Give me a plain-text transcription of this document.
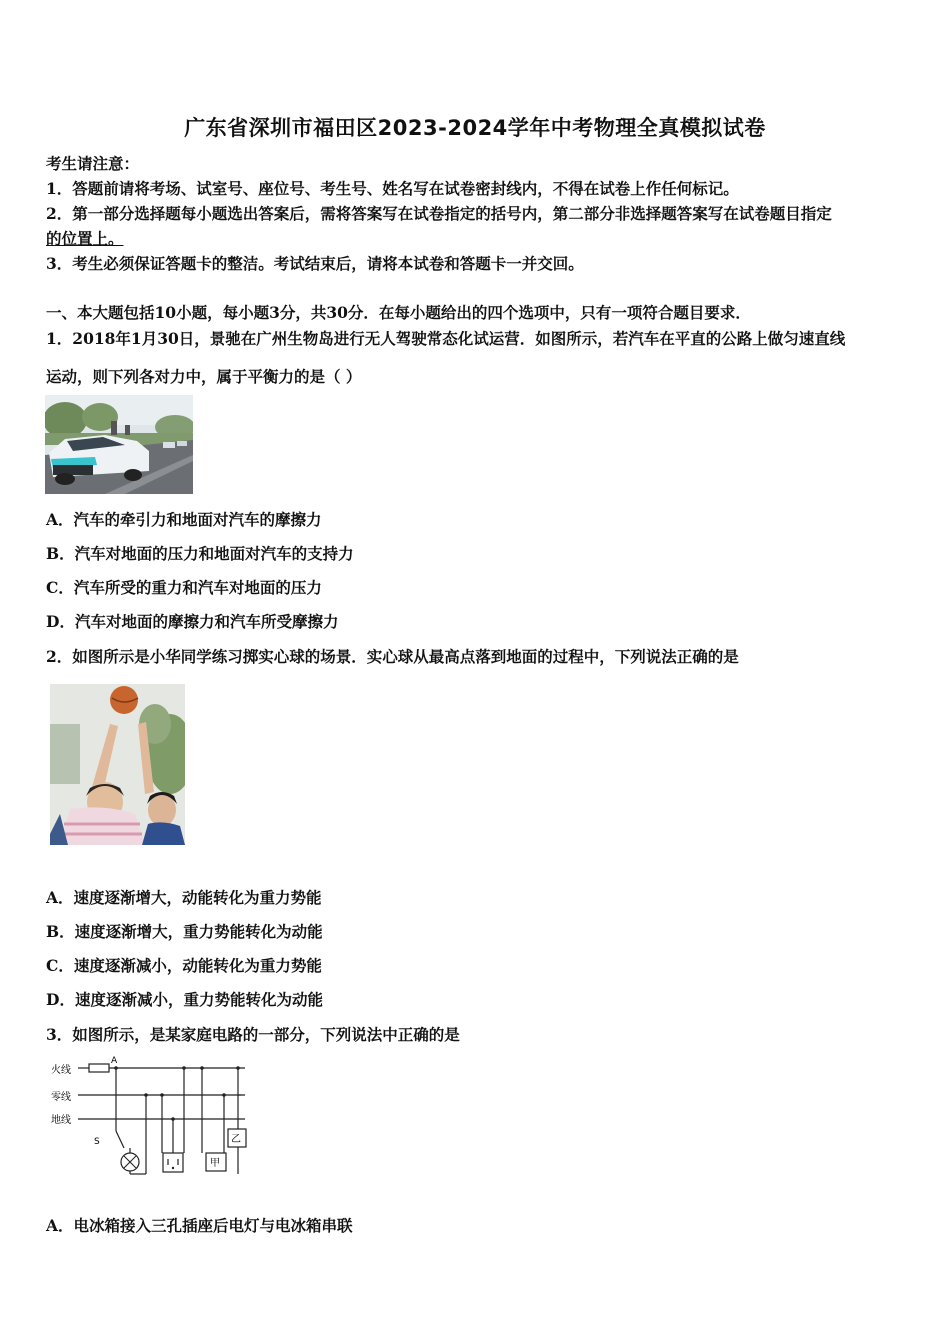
广东省深圳市福田区2023-2024学年中考物理全真模拟试卷
考生请注意：
1．答题前请将考场、试室号、座位号、考生号、姓名写在试卷密封线内，不得在试卷上作任何标记。
2．第一部分选择题每小题选出答案后，需将答案写在试卷指定的括号内，第二部分非选择题答案写在试卷题目指定
的位置上。
3．考生必须保证答题卡的整洁。考试结束后，请将本试卷和答题卡一并交回。
一、本大题包括10小题，每小题3分，共30分．在每小题给出的四个选项中，只有一项符合题目要求．
1．2018年1月30日，景驰在广州生物岛进行无人驾驶常态化试运营．如图所示，若汽车在平直的公路上做匀速直线
运动，则下列各对力中，属于平衡力的是（ ）
A．汽车的牵引力和地面对汽车的摩擦力
B．汽车对地面的压力和地面对汽车的支持力
C．汽车所受的重力和汽车对地面的压力
D．汽车对地面的摩擦力和汽车所受摩擦力
2．如图所示是小华同学练习掷实心球的场景．实心球从最高点落到地面的过程中，下列说法正确的是
A．速度逐渐增大，动能转化为重力势能
B．速度逐渐增大，重力势能转化为动能
C．速度逐渐减小，动能转化为重力势能
D．速度逐渐减小，重力势能转化为动能
3．如图所示，是某家庭电路的一部分，下列说法中正确的是
火线
零线
地线
A
S
甲
乙
A．电冰箱接入三孔插座后电灯与电冰箱串联
